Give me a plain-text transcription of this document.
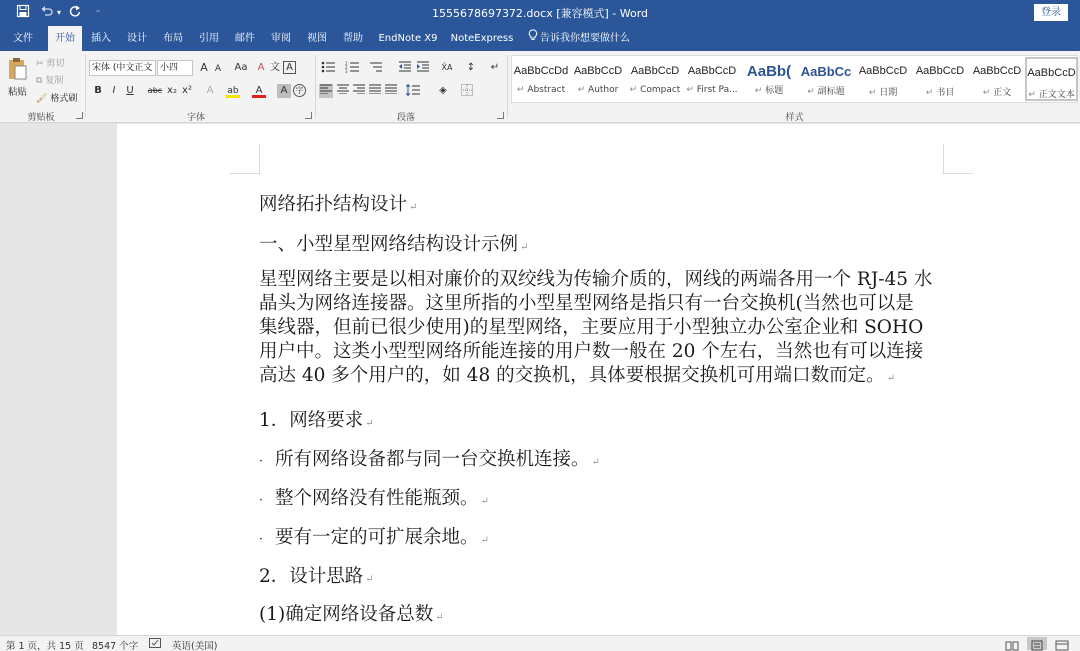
▾	⁼	1555678697372.docx [兼容模式] - Word	登录
文件	开始	插入	设计	布局	引用	邮件	审阅	视图	帮助	EndNote X9 NoteExpress	告诉我你想要做什么
粘贴
✂ 剪切
⧉ 复制
🖌 格式刷
剪贴板
宋体 (中文正文 小四	A A	Aa	A 文 A
B	I	U	abc x₂ x²	A	ab	A	A	字
字体
1
2
3	X̂A	↕ ↵
◈
段落
AaBbCcDd
↵ Abstract
AaBbCcD
↵ Author
AaBbCcD
↵ Compact
AaBbCcD
↵ First Pa...
AaBb(
↵ 标题
AaBbCc
↵ 副标题
AaBbCcD
↵ 日期
AaBbCcD
↵ 书目
AaBbCcD
↵ 正文
AaBbCcD
↵ 正文文本
样式
网络拓扑结构设计 ↵
一、小型星型网络结构设计示例 ↵
星型网络主要是以相对廉价的双绞线为传输介质的，网线的两端各用一个 RJ-45 水
晶头为网络连接器。这里所指的小型星型网络是指只有一台交换机(当然也可以是
集线器，但前已很少使用)的星型网络，主要应用于小型独立办公室企业和 SOHO
用户中。这类小型型网络所能连接的用户数一般在 20 个左右，当然也有可以连接
高达 40 多个用户的，如 48 的交换机，具体要根据交换机可用端口数而定。 ↵
1．网络要求 ↵
· 所有网络设备都与同一台交换机连接。 ↵
· 整个网络没有性能瓶颈。 ↵
· 要有一定的可扩展余地。 ↵
2．设计思路 ↵
(1)确定网络设备总数 ↵
第 1 页，共 15 页 8547 个字	英语(美国)
